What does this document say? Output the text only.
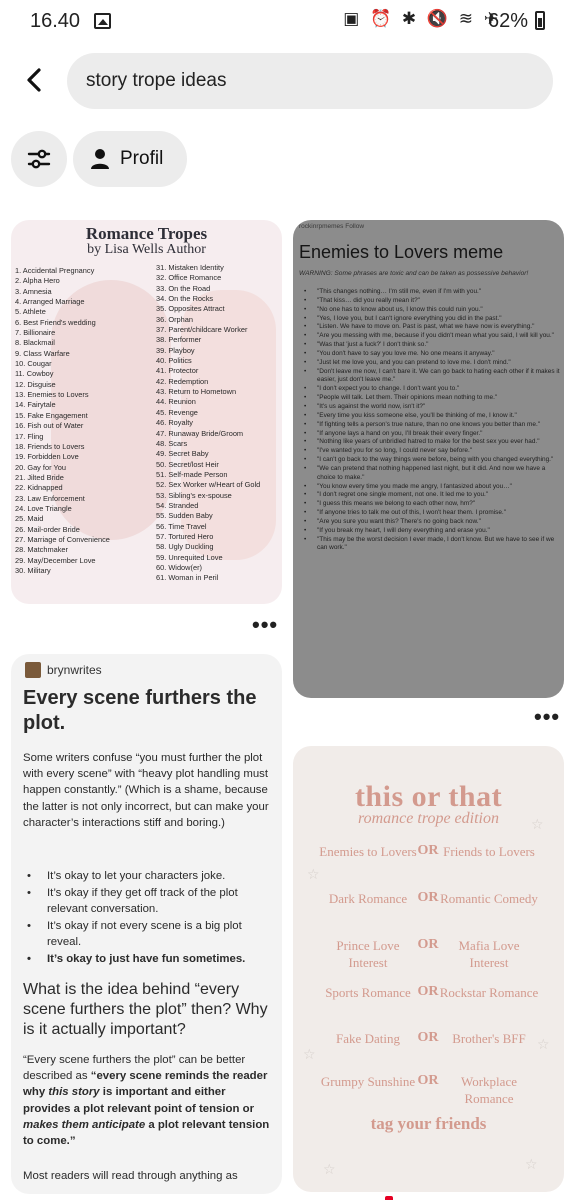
16.40	▣ ⏰ ✱ 🔇 ≋ ✈
62%
story trope ideas
Profil
Romance Tropes
by Lisa Wells Author
1. Accidental Pregnancy
2. Alpha Hero
3. Amnesia
4. Arranged Marriage
5. Athlete
6. Best Friend's wedding
7. Billionaire
8. Blackmail
9. Class Warfare
10. Cougar
11. Cowboy
12. Disguise
13. Enemies to Lovers
14. Fairytale
15. Fake Engagement
16. Fish out of Water
17. Fling
18. Friends to Lovers
19. Forbidden Love
20. Gay for You
21. Jilted Bride
22. Kidnapped
23. Law Enforcement
24. Love Triangle
25. Maid
26. Mail-order Bride
27. Marriage of Convenience
28. Matchmaker
29. May/December Love
30. Military
31. Mistaken Identity
32. Office Romance
33. On the Road
34. On the Rocks
35. Opposites Attract
36. Orphan
37. Parent/childcare Worker
38. Performer
39. Playboy
40. Politics
41. Protector
42. Redemption
43. Return to Hometown
44. Reunion
45. Revenge
46. Royalty
47. Runaway Bride/Groom
48. Scars
49. Secret Baby
50. Secret/lost Heir
51. Self-made Person
52. Sex Worker w/Heart of Gold
53. Sibling's ex-spouse
54. Stranded
55. Sudden Baby
56. Time Travel
57. Tortured Hero
58. Ugly Duckling
59. Unrequited Love
60. Widow(er)
61. Woman in Peril
•••
rockinrpmemes Follow
Enemies to Lovers meme
WARNING: Some phrases are toxic and can be taken as possessive behavior!
• "This changes nothing… I'm still me, even if I'm with you."
• "That kiss… did you really mean it?"
• "No one has to know about us, I know this could ruin you."
• "Yes, I love you, but I can't ignore everything you did in the past."
• "Listen. We have to move on. Past is past, what we have now is everything."
• "Are you messing with me, because if you didn't mean what you said, I will kill you."
• "Was that 'just a fuck?' I don't think so."
• "You don't have to say you love me. No one means it anyway."
• "Just let me love you, and you can pretend to love me. I don't mind."
• "Don't leave me now, I can't bare it. We can go back to hating each other if it makes it easier, just don't leave me."
• "I don't expect you to change. I don't want you to."
• "People will talk. Let them. Their opinions mean nothing to me."
• "It's us against the world now, isn't it?"
• "Every time you kiss someone else, you'll be thinking of me, I know it."
• "If fighting tells a person's true nature, than no one knows you better than me."
• "If anyone lays a hand on you, I'll break their every finger."
• "Nothing like years of unbridled hatred to make for the best sex you ever had."
• "I've wanted you for so long, I could never say before."
• "I can't go back to the way things were before, being with you changed everything."
• "We can pretend that nothing happened last night, but it did. And now we have a choice to make."
• "You know every time you made me angry, I fantasized about you…"
• "I don't regret one single moment, not one. It led me to you."
• "I guess this means we belong to each other now, hm?"
• "If anyone tries to talk me out of this, I won't hear them. I promise."
• "Are you sure you want this? There's no going back now."
• "If you break my heart, I will deny everything and erase you."
• "This may be the worst decision I ever made, I don't know. But we have to see if we can work."
•••
brynwrites
Every scene furthers the plot.
Some writers confuse “you must further the plot with every scene” with “heavy plot handling must happen constantly.” (Which is a shame, because the latter is not only incorrect, but can make your character’s interactions stiff and boring.)
• It’s okay to let your characters joke.
• It’s okay if they get off track of the plot relevant conversation.
• It’s okay if not every scene is a big plot reveal.
• It’s okay to just have fun sometimes.
What is the idea behind “every scene furthers the plot” then? Why is it actually important?
“Every scene furthers the plot” can be better described as “every scene reminds the reader why this story is important and either provides a plot relevant point of tension or makes them anticipate a plot relevant tension to come.”
Most readers will read through anything as
☆
☆
☆
☆
☆	☆
this or that
romance trope edition
Enemies to Lovers OR Friends to Lovers
Dark Romance OR Romantic Comedy
Prince Love Interest
OR	Mafia Love Interest
Sports Romance OR Rockstar Romance
Fake Dating	OR	Brother's BFF
Grumpy Sunshine OR	Workplace Romance
tag your friends
